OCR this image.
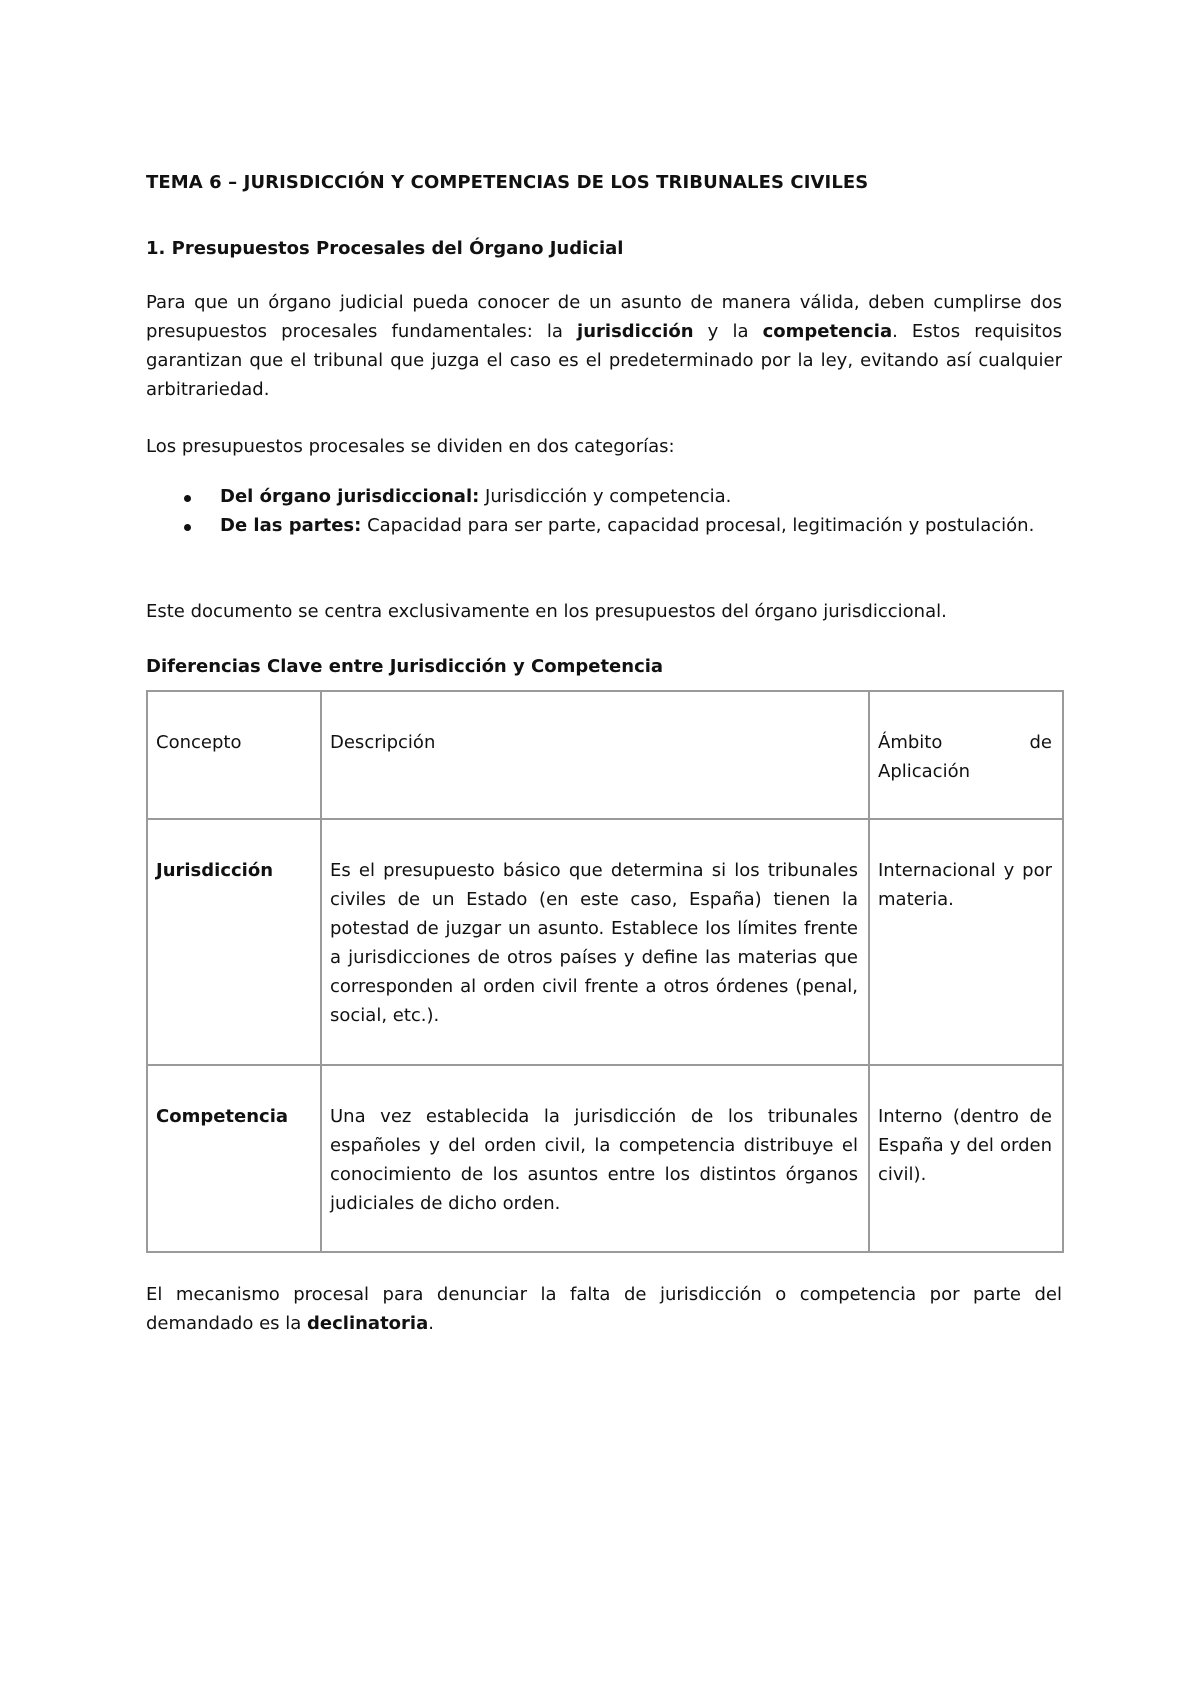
TEMA 6 – JURISDICCIÓN Y COMPETENCIAS DE LOS TRIBUNALES CIVILES
1. Presupuestos Procesales del Órgano Judicial

Para que un órgano judicial pueda conocer de un asunto de manera válida, deben cumplirse dos presupuestos procesales fundamentales: la jurisdicción y la competencia. Estos requisitos garantizan que el tribunal que juzga el caso es el predeterminado por la ley, evitando así cualquier arbitrariedad.

Los presupuestos procesales se dividen en dos categorías:

Del órgano jurisdiccional: Jurisdicción y competencia.
De las partes: Capacidad para ser parte, capacidad procesal, legitimación y postulación.

Este documento se centra exclusivamente en los presupuestos del órgano jurisdiccional.

Diferencias Clave entre Jurisdicción y Competencia
Concepto	Descripción	Ámbito de
Aplicación

Jurisdicción	Es el presupuesto básico que determina si los tribunales civiles de un Estado (en este caso, España) tienen la potestad de juzgar un asunto. Establece los límites frente a jurisdicciones de otros países y define las materias que corresponden al orden civil frente a otros órdenes (penal, social, etc.).	Internacional y por materia.
Competencia	Una vez establecida la jurisdicción de los tribunales españoles y del orden civil, la competencia distribuye el conocimiento de los asuntos entre los distintos órganos judiciales de dicho orden.	Interno (dentro de España y del orden civil).

El mecanismo procesal para denunciar la falta de jurisdicción o competencia por parte del demandado es la declinatoria.
